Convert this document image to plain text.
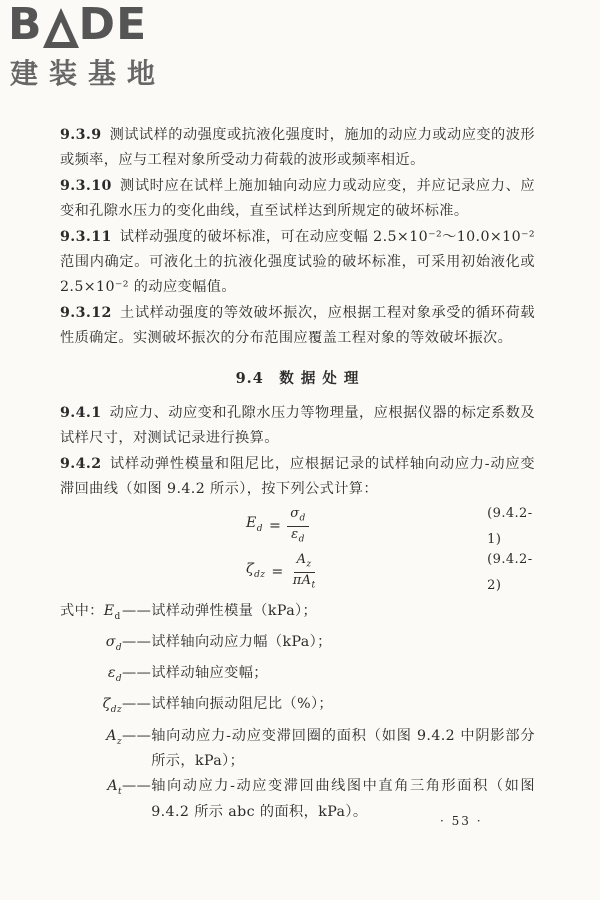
B DE
建装基地

9.3.9 测试试样的动强度或抗液化强度时，施加的动应力或动应变的波形或频率，应与工程对象所受动力荷载的波形或频率相近。

9.3.10 测试时应在试样上施加轴向动应力或动应变，并应记录应力、应变和孔隙水压力的变化曲线，直至试样达到所规定的破坏标准。

9.3.11 试样动强度的破坏标准，可在动应变幅 2.5×10⁻²～10.0×10⁻² 范围内确定。可液化土的抗液化强度试验的破坏标准，可采用初始液化或 2.5×10⁻² 的动应变幅值。

9.3.12 土试样动强度的等效破坏振次，应根据工程对象承受的循环荷载性质确定。实测破坏振次的分布范围应覆盖工程对象的等效破坏振次。

9.4　数 据 处 理

9.4.1 动应力、动应变和孔隙水压力等物理量，应根据仪器的标定系数及试样尺寸，对测试记录进行换算。

9.4.2 试样动弹性模量和阻尼比，应根据记录的试样轴向动应力-动应变滞回曲线（如图 9.4.2 所示），按下列公式计算：

$E_d = \frac{\sigma_d}{\varepsilon_d}$	(9.4.2-1)
$\zeta_{dz} = \frac{A_z}{\pi A_t}$	(9.4.2-2)
式中：$E_d$ —— 试样动弹性模量（kPa）；
$\sigma_d$ —— 试样轴向动应力幅（kPa）；
$\varepsilon_d$ —— 试样动轴应变幅；
$\zeta_{dz}$ —— 试样轴向振动阻尼比（%）；
$A_z$ —— 轴向动应力-动应变滞回圈的面积（如图 9.4.2 中阴影部分所示，kPa）；
$A_t$ —— 轴向动应力-动应变滞回曲线图中直角三角形面积（如图 9.4.2 所示 abc 的面积，kPa）。
· 53 ·
